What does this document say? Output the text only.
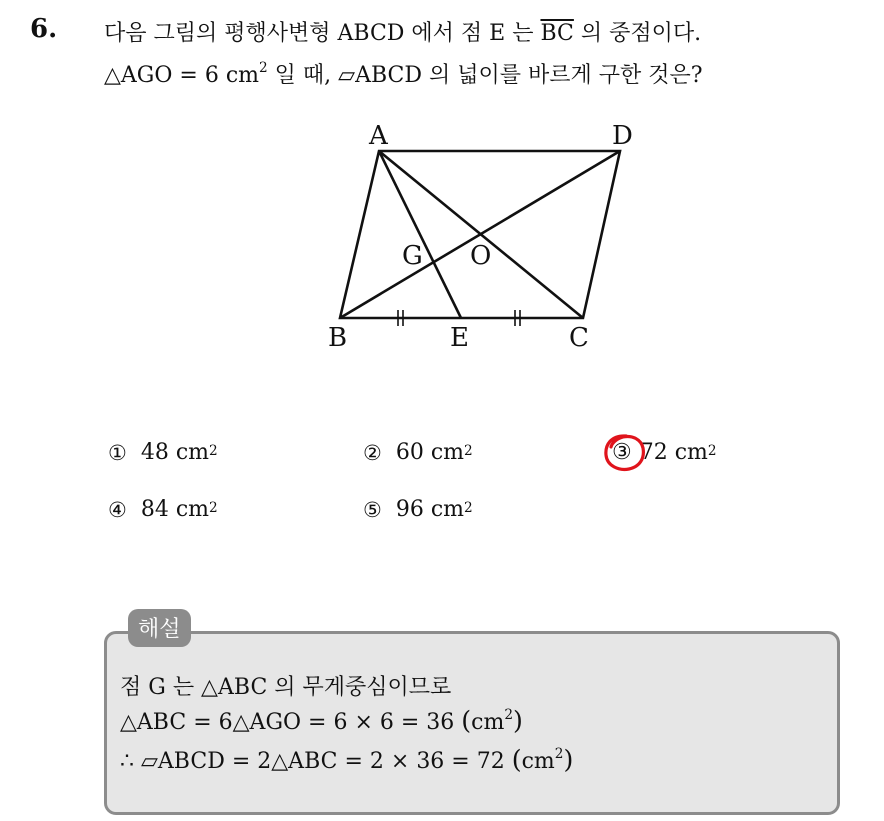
6. 다음 그림의 평행사변형 ABCD 에서 점 E 는 $\overline{BC}$ 의 중점이다.
△AGO = 6 $cm^2$ 일 때, ▱ABCD 의 넓이를 바르게 구한 것은?
A	D
G O
B	E	C
① 48 $cm^2$	② 60 $cm^2$	③ 72 $cm^2$
④ 84 $cm^2$	⑤ 96 $cm^2$
해설
점 G 는 △ABC 의 무게중심이므로
△ABC = 6△AGO = 6 × 6 = 36 $(cm^2)$
∴ ▱ABCD = 2△ABC = 2 × 36 = 72 $(cm^2)$
